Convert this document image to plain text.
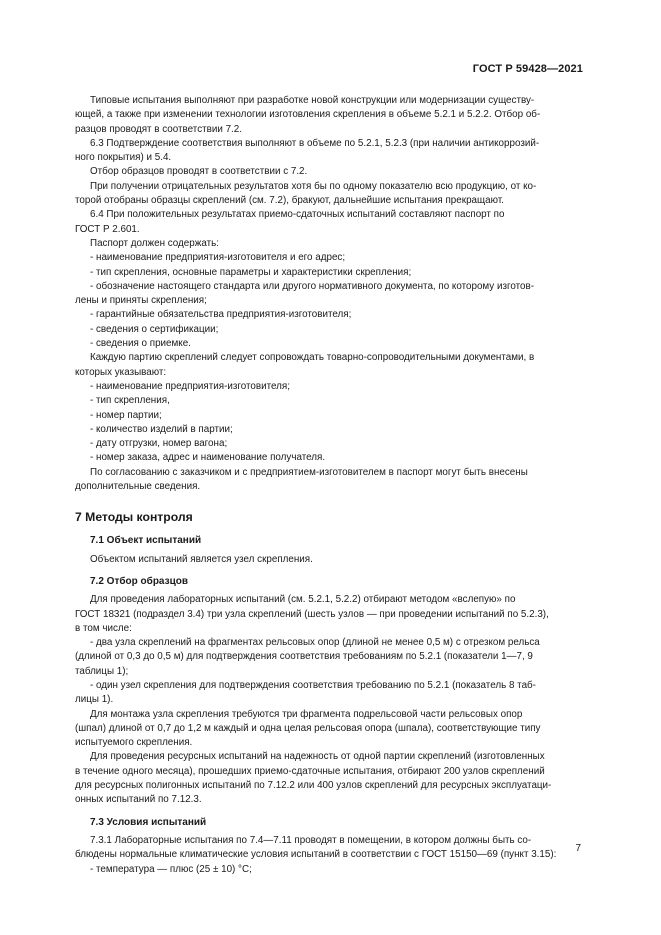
ГОСТ Р 59428—2021

Типовые испытания выполняют при разработке новой конструкции или модернизации существу-

ющей, а также при изменении технологии изготовления скрепления в объеме 5.2.1 и 5.2.2. Отбор об-

разцов проводят в соответствии 7.2.

6.3 Подтверждение соответствия выполняют в объеме по 5.2.1, 5.2.3 (при наличии антикоррозий-

ного покрытия) и 5.4.

Отбор образцов проводят в соответствии с 7.2.

При получении отрицательных результатов хотя бы по одному показателю всю продукцию, от ко-

торой отобраны образцы скреплений (см. 7.2), бракуют, дальнейшие испытания прекращают.

6.4 При положительных результатах приемо-сдаточных испытаний составляют паспорт по

ГОСТ Р 2.601.

Паспорт должен содержать:

- наименование предприятия-изготовителя и его адрес;

- тип скрепления, основные параметры и характеристики скрепления;

- обозначение настоящего стандарта или другого нормативного документа, по которому изготов-

лены и приняты скрепления;

- гарантийные обязательства предприятия-изготовителя;

- сведения о сертификации;

- сведения о приемке.

Каждую партию скреплений следует сопровождать товарно-сопроводительными документами, в

которых указывают:

- наименование предприятия-изготовителя;

- тип скрепления,

- номер партии;

- количество изделий в партии;

- дату отгрузки, номер вагона;

- номер заказа, адрес и наименование получателя.

По согласованию с заказчиком и с предприятием-изготовителем в паспорт могут быть внесены

дополнительные сведения.

7 Методы контроля

7.1 Объект испытаний

Объектом испытаний является узел скрепления.

7.2 Отбор образцов

Для проведения лабораторных испытаний (см. 5.2.1, 5.2.2) отбирают методом «вслепую» по

ГОСТ 18321 (подраздел 3.4) три узла скреплений (шесть узлов — при проведении испытаний по 5.2.3),

в том числе:

- два узла скреплений на фрагментах рельсовых опор (длиной не менее 0,5 м) с отрезком рельса

(длиной от 0,3 до 0,5 м) для подтверждения соответствия требованиям по 5.2.1 (показатели 1—7, 9

таблицы 1);

- один узел скрепления для подтверждения соответствия требованию по 5.2.1 (показатель 8 таб-

лицы 1).

Для монтажа узла скрепления требуются три фрагмента подрельсовой части рельсовых опор

(шпал) длиной от 0,7 до 1,2 м каждый и одна целая рельсовая опора (шпала), соответствующие типу

испытуемого скрепления.

Для проведения ресурсных испытаний на надежность от одной партии скреплений (изготовленных

в течение одного месяца), прошедших приемо-сдаточные испытания, отбирают 200 узлов скреплений

для ресурсных полигонных испытаний по 7.12.2 или 400 узлов скреплений для ресурсных эксплуатаци-

онных испытаний по 7.12.3.

7.3 Условия испытаний

7.3.1 Лабораторные испытания по 7.4—7.11 проводят в помещении, в котором должны быть со-

блюдены нормальные климатические условия испытаний в соответствии с ГОСТ 15150—69 (пункт 3.15):

- температура — плюс (25 ± 10) °С;

7
